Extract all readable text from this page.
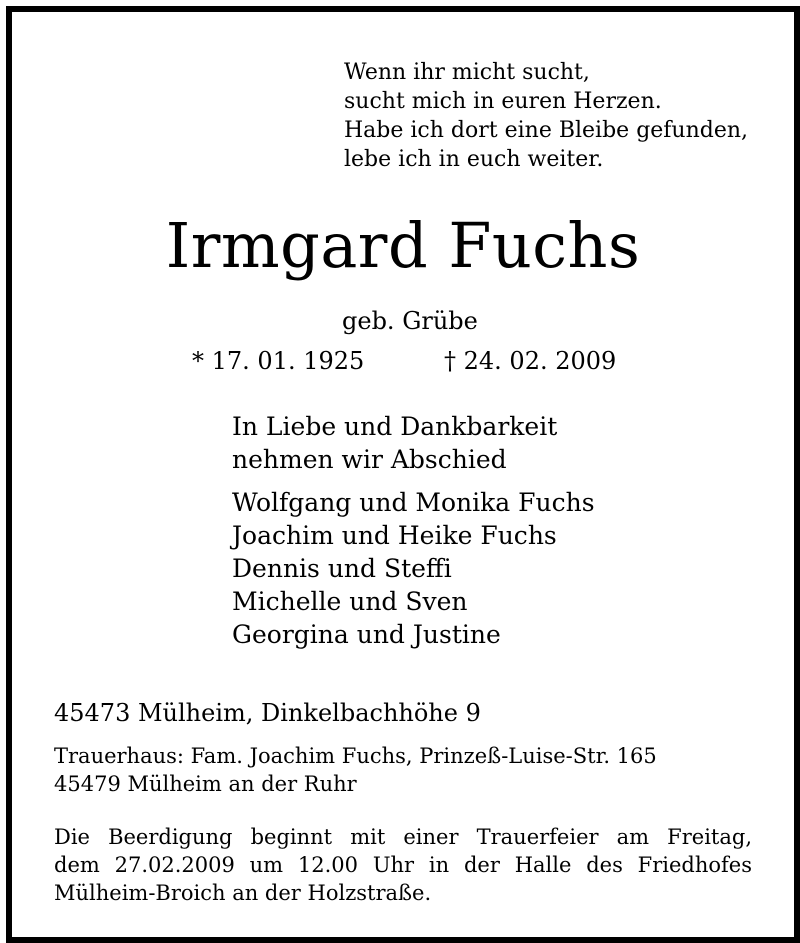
Wenn ihr micht sucht,
sucht mich in euren Herzen.
Habe ich dort eine Bleibe gefunden,
lebe ich in euch weiter.
Irmgard Fuchs
geb. Grübe
* 17. 01. 1925	† 24. 02. 2009
In Liebe und Dankbarkeit
nehmen wir Abschied
Wolfgang und Monika Fuchs
Joachim und Heike Fuchs
Dennis und Steffi
Michelle und Sven
Georgina und Justine
45473 Mülheim, Dinkelbachhöhe 9
Trauerhaus: Fam. Joachim Fuchs, Prinzeß-Luise-Str. 165
45479 Mülheim an der Ruhr
Die Beerdigung beginnt mit einer Trauerfeier am Freitag,
dem 27.02.2009 um 12.00 Uhr in der Halle des Friedhofes
Mülheim-Broich an der Holzstraße.
